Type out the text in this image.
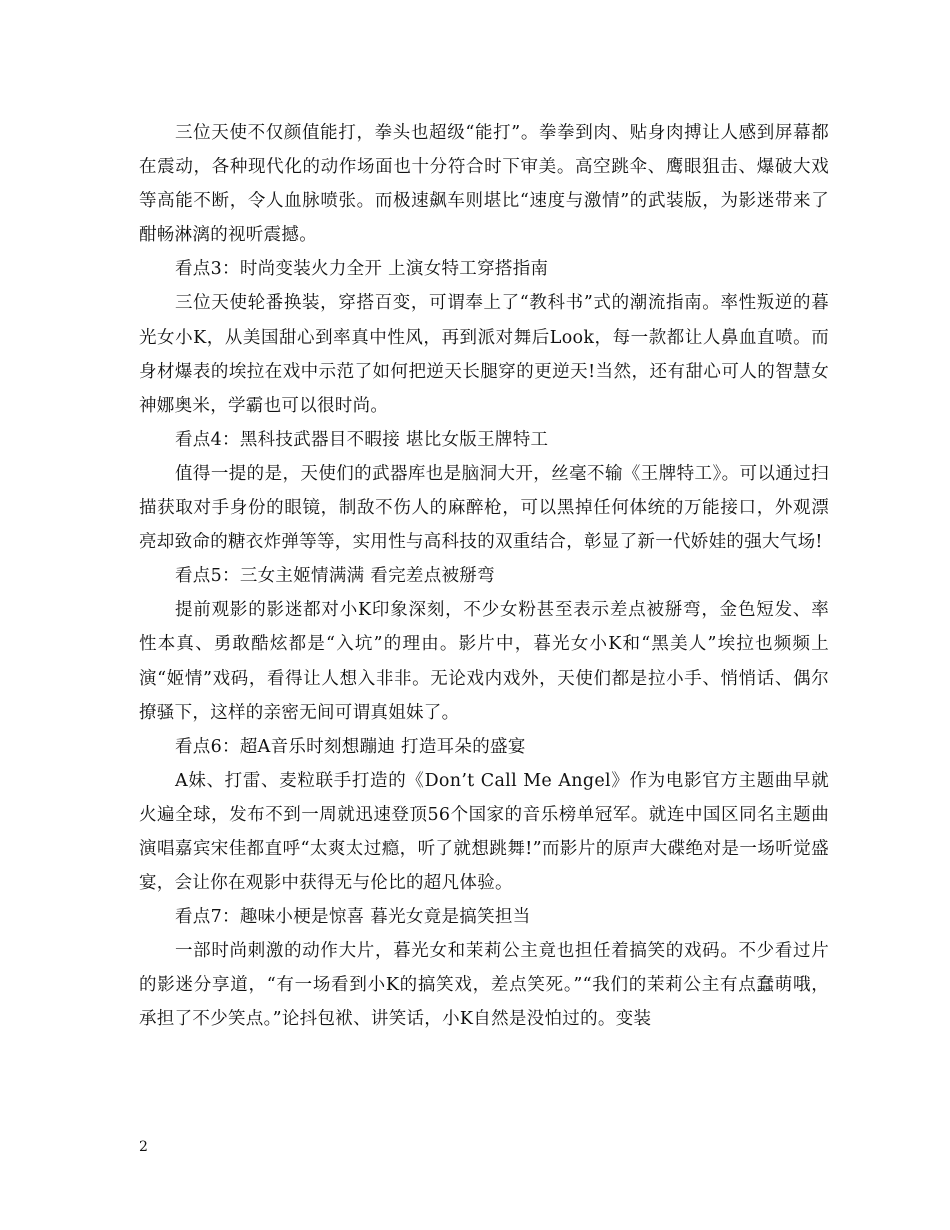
三位天使不仅颜值能打，拳头也超级“能打”。拳拳到肉、贴身肉搏让人感到屏幕都在震动，各种现代化的动作场面也十分符合时下审美。高空跳伞、鹰眼狙击、爆破大戏等高能不断，令人血脉喷张。而极速飙车则堪比“速度与激情”的武装版，为影迷带来了酣畅淋漓的视听震撼。

看点3：时尚变装火力全开 上演女特工穿搭指南

三位天使轮番换装，穿搭百变，可谓奉上了“教科书”式的潮流指南。率性叛逆的暮光女小K，从美国甜心到率真中性风，再到派对舞后Look，每一款都让人鼻血直喷。而身材爆表的埃拉在戏中示范了如何把逆天长腿穿的更逆天!当然，还有甜心可人的智慧女神娜奥米，学霸也可以很时尚。

看点4：黑科技武器目不暇接 堪比女版王牌特工

值得一提的是，天使们的武器库也是脑洞大开，丝毫不输《王牌特工》。可以通过扫描获取对手身份的眼镜，制敌不伤人的麻醉枪，可以黑掉任何体统的万能接口，外观漂亮却致命的糖衣炸弹等等，实用性与高科技的双重结合，彰显了新一代娇娃的强大气场!

看点5：三女主姬情满满 看完差点被掰弯

提前观影的影迷都对小K印象深刻，不少女粉甚至表示差点被掰弯，金色短发、率性本真、勇敢酷炫都是“入坑”的理由。影片中，暮光女小K和“黑美人”埃拉也频频上演“姬情”戏码，看得让人想入非非。无论戏内戏外，天使们都是拉小手、悄悄话、偶尔撩骚下，这样的亲密无间可谓真姐妹了。

看点6：超A音乐时刻想蹦迪 打造耳朵的盛宴

A妹、打雷、麦粒联手打造的《Don’t Call Me Angel》作为电影官方主题曲早就火遍全球，发布不到一周就迅速登顶56个国家的音乐榜单冠军。就连中国区同名主题曲演唱嘉宾宋佳都直呼“太爽太过瘾，听了就想跳舞!”而影片的原声大碟绝对是一场听觉盛宴，会让你在观影中获得无与伦比的超凡体验。

看点7：趣味小梗是惊喜 暮光女竟是搞笑担当

一部时尚刺激的动作大片，暮光女和茉莉公主竟也担任着搞笑的戏码。不少看过片的影迷分享道，“有一场看到小K的搞笑戏，差点笑死。”“我们的茉莉公主有点蠢萌哦，承担了不少笑点。”论抖包袱、讲笑话，小K自然是没怕过的。变装

2
